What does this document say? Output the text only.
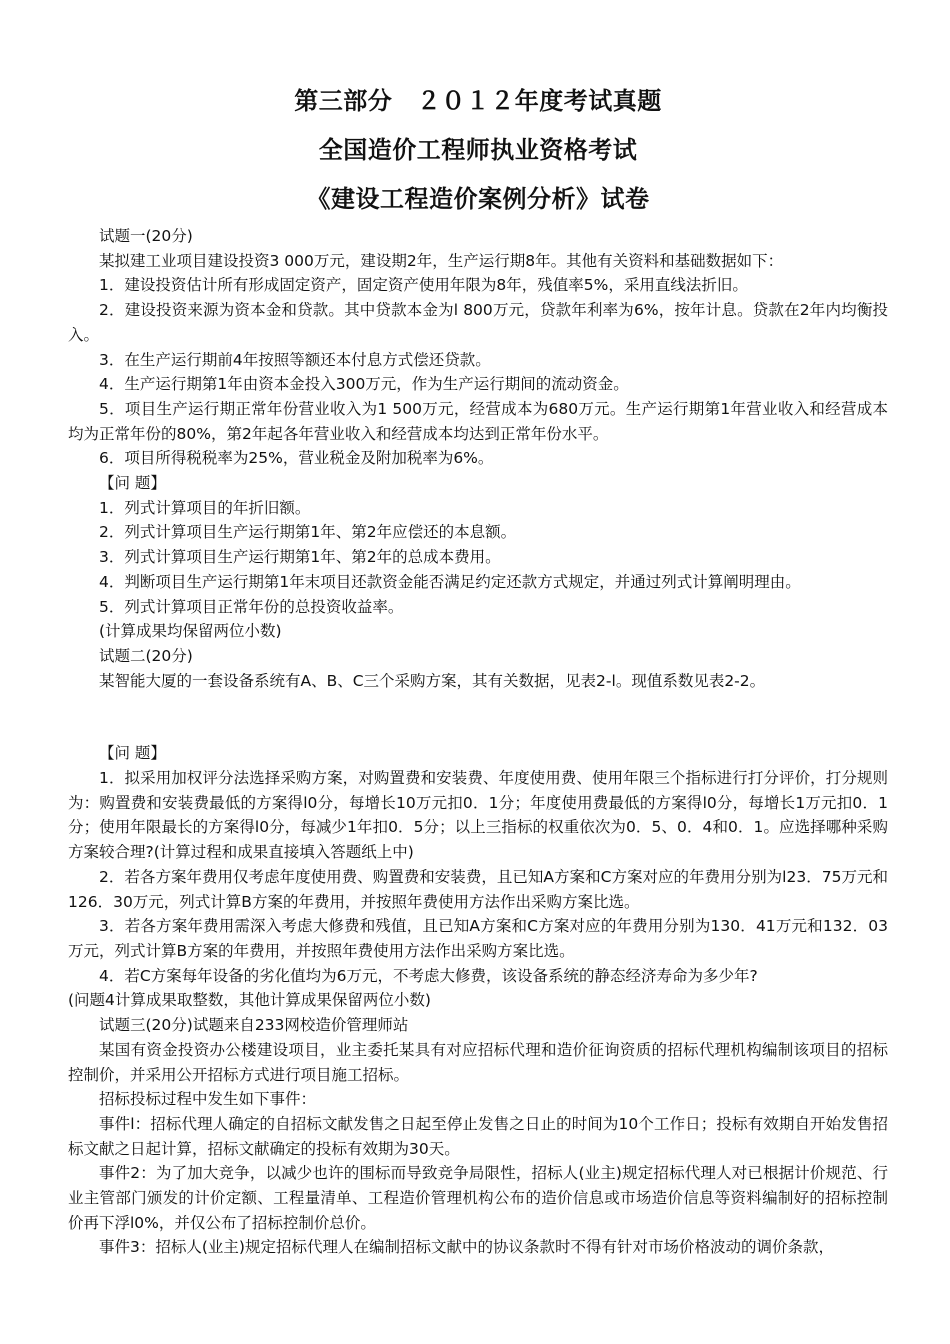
第三部分　２０１２年度考试真题
全国造价工程师执业资格考试
《建设工程造价案例分析》试卷

试题一(20分)

某拟建工业项目建设投资3 000万元，建设期2年，生产运行期8年。其他有关资料和基础数据如下：

1．建设投资估计所有形成固定资产，固定资产使用年限为8年，残值率5%，采用直线法折旧。

2．建设投资来源为资本金和贷款。其中贷款本金为l 800万元，贷款年利率为6%，按年计息。贷款在2年内均衡投入。

3．在生产运行期前4年按照等额还本付息方式偿还贷款。

4．生产运行期第1年由资本金投入300万元，作为生产运行期间的流动资金。

5．项目生产运行期正常年份营业收入为1 500万元，经营成本为680万元。生产运行期第1年营业收入和经营成本均为正常年份的80%，第2年起各年营业收入和经营成本均达到正常年份水平。

6．项目所得税税率为25%，营业税金及附加税率为6%。

【问 题】

1．列式计算项目的年折旧额。

2．列式计算项目生产运行期第1年、第2年应偿还的本息额。

3．列式计算项目生产运行期第1年、第2年的总成本费用。

4．判断项目生产运行期第1年末项目还款资金能否满足约定还款方式规定，并通过列式计算阐明理由。

5．列式计算项目正常年份的总投资收益率。

(计算成果均保留两位小数)

试题二(20分)

某智能大厦的一套设备系统有A、B、C三个采购方案，其有关数据，见表2-l。现值系数见表2-2。

【问 题】

1．拟采用加权评分法选择采购方案，对购置费和安装费、年度使用费、使用年限三个指标进行打分评价，打分规则为：购置费和安装费最低的方案得l0分，每增长10万元扣0．1分；年度使用费最低的方案得l0分，每增长1万元扣0．1分；使用年限最长的方案得l0分，每减少1年扣0．5分；以上三指标的权重依次为0．5、0．4和0．1。应选择哪种采购方案较合理?(计算过程和成果直接填入答题纸上中)

2．若各方案年费用仅考虑年度使用费、购置费和安装费，且已知A方案和C方案对应的年费用分别为l23．75万元和126．30万元，列式计算B方案的年费用，并按照年费使用方法作出采购方案比选。

3．若各方案年费用需深入考虑大修费和残值，且已知A方案和C方案对应的年费用分别为130．41万元和132．03万元，列式计算B方案的年费用，并按照年费使用方法作出采购方案比选。

4．若C方案每年设备的劣化值均为6万元，不考虑大修费，该设备系统的静态经济寿命为多少年?

(问题4计算成果取整数，其他计算成果保留两位小数)

试题三(20分)试题来自233网校造价管理师站

某国有资金投资办公楼建设项目，业主委托某具有对应招标代理和造价征询资质的招标代理机构编制该项目的招标控制价，并采用公开招标方式进行项目施工招标。

招标投标过程中发生如下事件：

事件l：招标代理人确定的自招标文献发售之日起至停止发售之日止的时间为10个工作日；投标有效期自开始发售招标文献之日起计算，招标文献确定的投标有效期为30天。

事件2：为了加大竞争，以减少也许的围标而导致竞争局限性，招标人(业主)规定招标代理人对已根据计价规范、行业主管部门颁发的计价定额、工程量清单、工程造价管理机构公布的造价信息或市场造价信息等资料编制好的招标控制价再下浮l0%，并仅公布了招标控制价总价。

事件3：招标人(业主)规定招标代理人在编制招标文献中的协议条款时不得有针对市场价格波动的调价条款，
